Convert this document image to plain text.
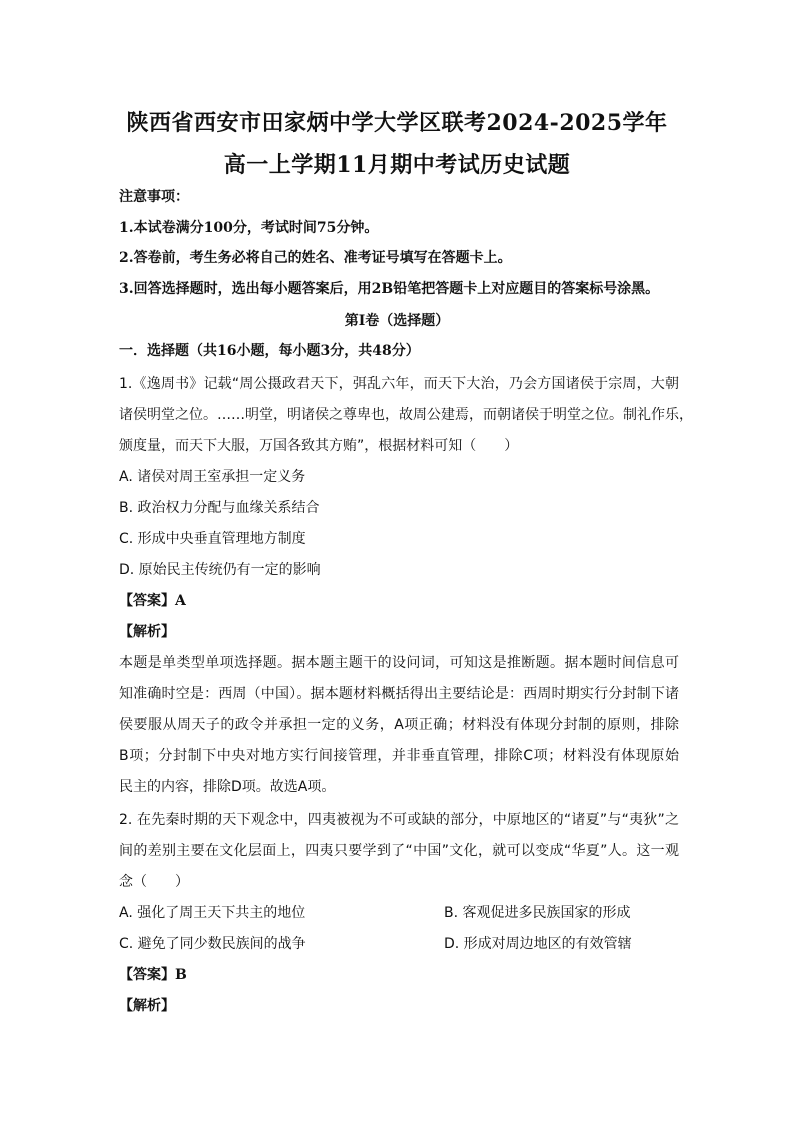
陕西省西安市田家炳中学大学区联考2024-2025学年
高一上学期11月期中考试历史试题
注意事项：
1.本试卷满分100分，考试时间75分钟。
2.答卷前，考生务必将自己的姓名、准考证号填写在答题卡上。
3.回答选择题时，选出每小题答案后，用2B铅笔把答题卡上对应题目的答案标号涂黑。
第I卷（选择题）
一．选择题（共16小题，每小题3分，共48分）
1.《逸周书》记载“周公摄政君天下，弭乱六年，而天下大治，乃会方国诸侯于宗周，大朝
诸侯明堂之位。……明堂，明诸侯之尊卑也，故周公建焉，而朝诸侯于明堂之位。制礼作乐，
颁度量，而天下大服，万国各致其方贿”，根据材料可知（　　）
A. 诸侯对周王室承担一定义务
B. 政治权力分配与血缘关系结合
C. 形成中央垂直管理地方制度
D. 原始民主传统仍有一定的影响
【答案】A
【解析】
本题是单类型单项选择题。据本题主题干的设问词，可知这是推断题。据本题时间信息可
知准确时空是：西周（中国）。据本题材料概括得出主要结论是：西周时期实行分封制下诸
侯要服从周天子的政令并承担一定的义务，A项正确；材料没有体现分封制的原则，排除
B项；分封制下中央对地方实行间接管理，并非垂直管理，排除C项；材料没有体现原始
民主的内容，排除D项。故选A项。
2. 在先秦时期的天下观念中，四夷被视为不可或缺的部分，中原地区的“诸夏”与“夷狄”之
间的差别主要在文化层面上，四夷只要学到了“中国”文化，就可以变成“华夏”人。这一观
念（　　）
A. 强化了周王天下共主的地位	B. 客观促进多民族国家的形成
C. 避免了同少数民族间的战争	D. 形成对周边地区的有效管辖
【答案】B
【解析】
